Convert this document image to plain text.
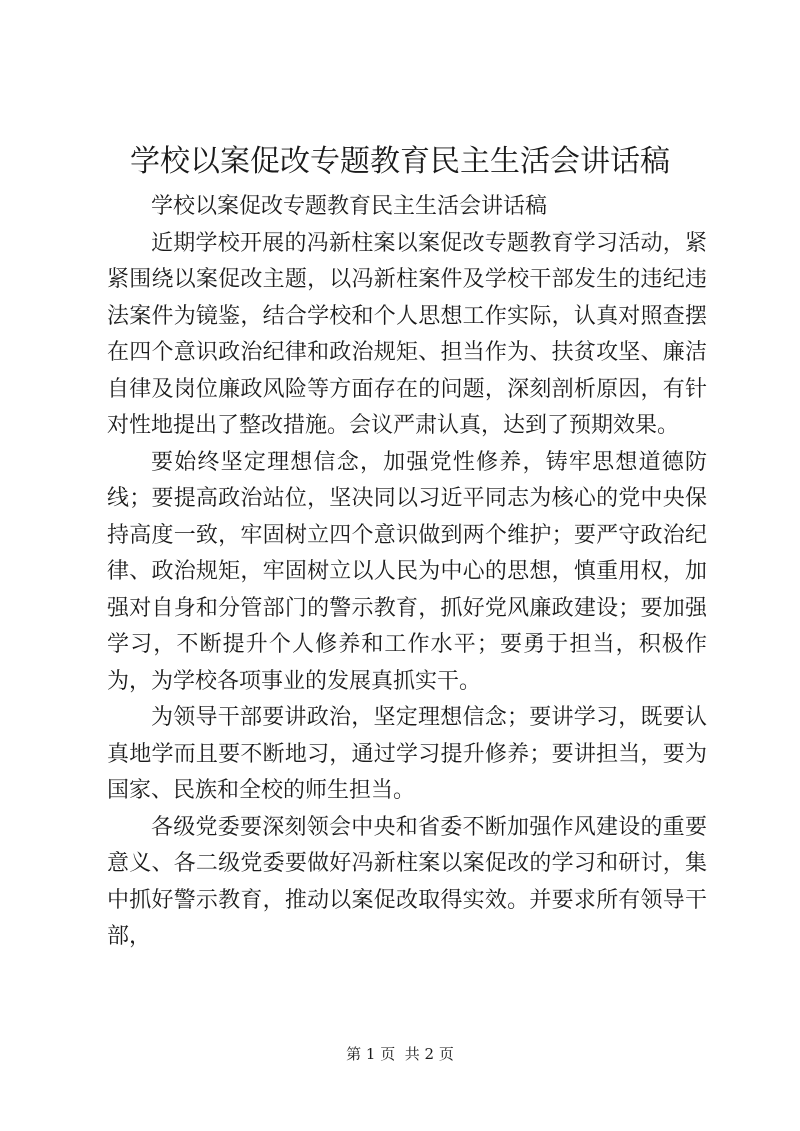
学校以案促改专题教育民主生活会讲话稿

学校以案促改专题教育民主生活会讲话稿

近期学校开展的冯新柱案以案促改专题教育学习活动，紧紧围绕以案促改主题，以冯新柱案件及学校干部发生的违纪违法案件为镜鉴，结合学校和个人思想工作实际，认真对照查摆在四个意识政治纪律和政治规矩、担当作为、扶贫攻坚、廉洁自律及岗位廉政风险等方面存在的问题，深刻剖析原因，有针对性地提出了整改措施。会议严肃认真，达到了预期效果。

要始终坚定理想信念，加强党性修养，铸牢思想道德防线；要提高政治站位，坚决同以习近平同志为核心的党中央保持高度一致，牢固树立四个意识做到两个维护；要严守政治纪律、政治规矩，牢固树立以人民为中心的思想，慎重用权，加强对自身和分管部门的警示教育，抓好党风廉政建设；要加强学习，不断提升个人修养和工作水平；要勇于担当，积极作为，为学校各项事业的发展真抓实干。

为领导干部要讲政治，坚定理想信念；要讲学习，既要认真地学而且要不断地习，通过学习提升修养；要讲担当，要为国家、民族和全校的师生担当。

各级党委要深刻领会中央和省委不断加强作风建设的重要意义、各二级党委要做好冯新柱案以案促改的学习和研讨，集中抓好警示教育，推动以案促改取得实效。并要求所有领导干部，

第 1 页  共 2 页
